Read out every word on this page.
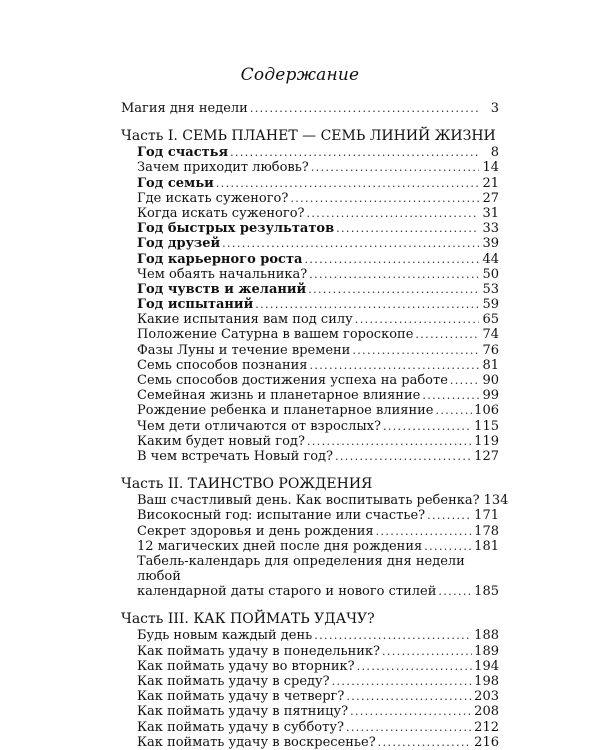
Содержание
Магия дня недели .....	3
Часть I. СЕМЬ ПЛАНЕТ — СЕМЬ ЛИНИЙ ЖИЗНИ
Год счастья .....	8
Зачем приходит любовь? .....	14
Год семьи .....	21
Где искать суженого? .....	27
Когда искать суженого? .....	31
Год быстрых результатов .....	33
Год друзей .....	39
Год карьерного роста .....	44
Чем обаять начальника? .....	50
Год чувств и желаний .....	53
Год испытаний .....	59
Какие испытания вам под силу .....	65
Положение Сатурна в вашем гороскопе .....	74
Фазы Луны и течение времени .....	76
Семь способов познания .....	81
Семь способов достижения успеха на работе .....	90
Семейная жизнь и планетарное влияние .....	99
Рождение ребенка и планетарное влияние .....	106
Чем дети отличаются от взрослых? .....	115
Каким будет новый год? .....	119
В чем встречать Новый год? .....	127
Часть II. ТАИНСТВО РОЖДЕНИЯ
Ваш счастливый день. Как воспитывать ребенка? 134
Високосный год: испытание или счастье? .....	171
Секрет здоровья и день рождения .....	178
12 магических дней после дня рождения .....	181
Табель-календарь для определения дня недели любой
календарной даты старого и нового стилей .....	185
Часть III. КАК ПОЙМАТЬ УДАЧУ?
Будь новым каждый день .....	188
Как поймать удачу в понедельник? .....	189
Как поймать удачу во вторник? .....	194
Как поймать удачу в среду? .....	198
Как поймать удачу в четверг? .....	203
Как поймать удачу в пятницу? .....	208
Как поймать удачу в субботу? .....	212
Как поймать удачу в воскресенье? .....	216
